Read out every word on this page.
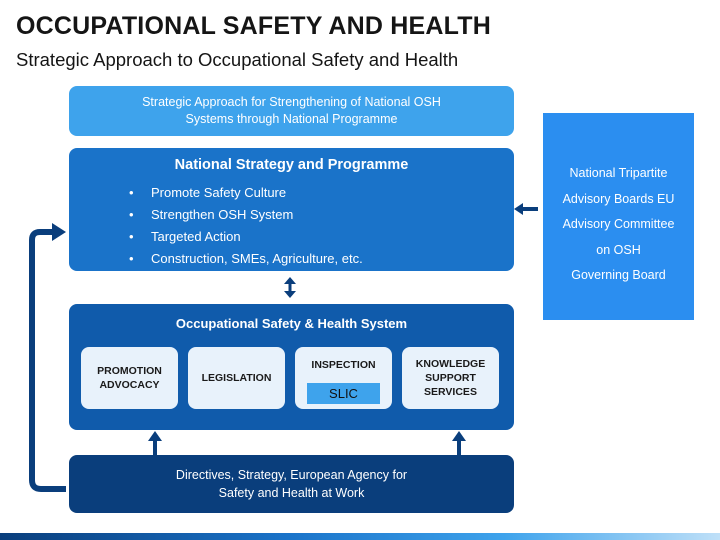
OCCUPATIONAL SAFETY AND HEALTH
Strategic Approach to Occupational Safety and Health
Strategic Approach for Strengthening of National OSH
Systems through National Programme
National Strategy and Programme
• Promote Safety Culture
• Strengthen OSH System
• Targeted Action
• Construction, SMEs, Agriculture, etc.
Occupational Safety & Health System
PROMOTION
ADVOCACY
LEGISLATION
INSPECTION
SLIC
KNOWLEDGE
SUPPORT
SERVICES
Directives, Strategy, European Agency for
Safety and Health at Work
National Tripartite
Advisory Boards EU
Advisory Committee
on OSH
Governing Board
